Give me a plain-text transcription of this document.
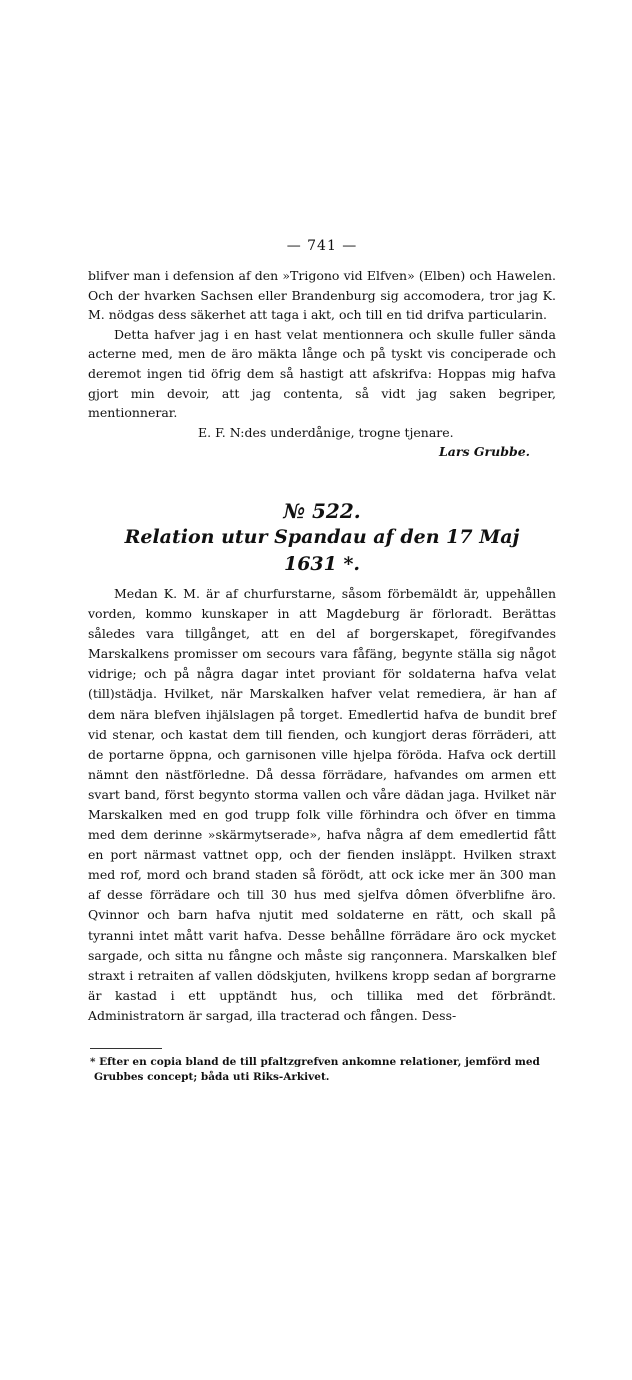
— 741 —

blifver man i defension af den »Trigono vid Elfven» (Elben) och Hawelen. Och der hvarken Sachsen eller Brandenburg sig accomodera, tror jag K. M. nödgas dess säkerhet att taga i akt, och till en tid drifva particularin.

Detta hafver jag i en hast velat mentionnera och skulle fuller sända acterne med, men de äro mäkta långe och på tyskt vis conciperade och deremot ingen tid öfrig dem så hastigt att afskrifva: Hoppas mig hafva gjort min devoir, att jag contenta, så vidt jag saken begriper, mentionnerar.

E. F. N:des underdånige, trogne tjenare.
Lars Grubbe.
№ 522.
Relation utur Spandau af den 17 Maj
1631 *.

Medan K. M. är af churfurstarne, såsom förbemäldt är, uppehållen vorden, kommo kunskaper in att Magdeburg är förloradt. Berättas således vara tillgånget, att en del af borgerskapet, föregifvandes Marskalkens promisser om secours vara fåfäng, begynte ställa sig något vidrige; och på några dagar intet proviant för soldaterna hafva velat (till)städja. Hvilket, när Marskalken hafver velat remediera, är han af dem nära blefven ihjälslagen på torget. Emedlertid hafva de bundit bref vid stenar, och kastat dem till fienden, och kungjort deras förräderi, att de portarne öppna, och garnisonen ville hjelpa föröda. Hafva ock dertill nämnt den nästförledne. Då dessa förrädare, hafvandes om armen ett svart band, först begynto storma vallen och våre dädan jaga. Hvilket när Marskalken med en god trupp folk ville förhindra och öfver en timma med dem derinne »skärmytserade», hafva några af dem emedlertid fått en port närmast vattnet opp, och der fienden insläppt. Hvilken straxt med rof, mord och brand staden så förödt, att ock icke mer än 300 man af desse förrädare och till 30 hus med sjelfva dômen öfverblifne äro. Qvinnor och barn hafva njutit med soldaterne en rätt, och skall på tyranni intet mått varit hafva. Desse behållne förrädare äro ock mycket sargade, och sitta nu fångne och måste sig rançonnera. Marskalken blef straxt i retraiten af vallen dödskjuten, hvilkens kropp sedan af borgrarne är kastad i ett upptändt hus, och tillika med det förbrändt. Administratorn är sargad, illa tracterad och fången. Dess-

* Efter en copia bland de till pfaltzgrefven ankomne relationer, jemförd med Grubbes concept; båda uti Riks-Arkivet.
